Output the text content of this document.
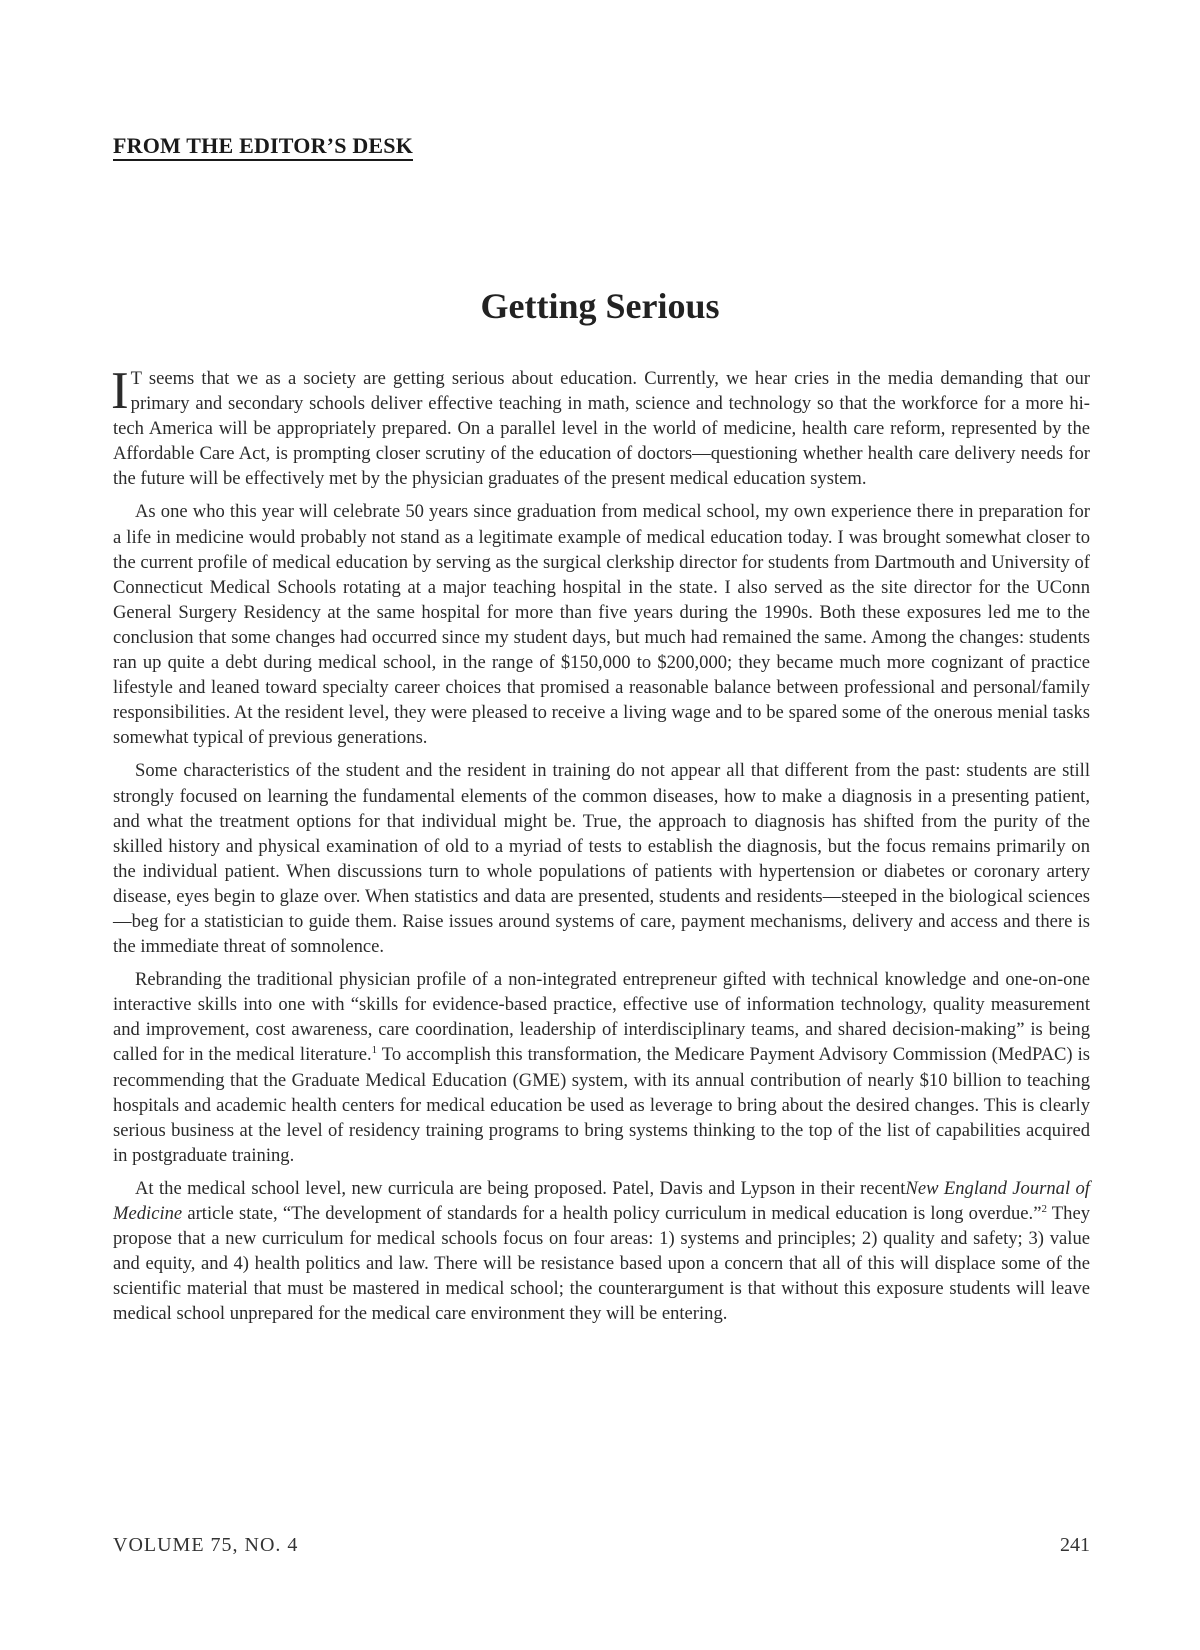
FROM THE EDITOR’S DESK
Getting Serious

I T seems that we as a society are getting serious about education. Currently, we hear cries in the media demanding that our primary and secondary schools deliver effective teaching in math, science and technology so that the workforce for a more hi-tech America will be appropriately prepared. On a parallel level in the world of medicine, health care reform, represented by the Affordable Care Act, is prompting closer scrutiny of the education of doctors—questioning whether health care delivery needs for the future will be effectively met by the physician graduates of the present medical education system.

As one who this year will celebrate 50 years since graduation from medical school, my own experience there in preparation for a life in medicine would probably not stand as a legitimate example of medical education today. I was brought somewhat closer to the current profile of medical education by serving as the surgical clerkship director for students from Dartmouth and University of Connecticut Medical Schools rotating at a major teaching hospital in the state. I also served as the site director for the UConn General Surgery Residency at the same hospital for more than five years during the 1990s. Both these exposures led me to the conclusion that some changes had occurred since my student days, but much had remained the same. Among the changes: students ran up quite a debt during medical school, in the range of $150,000 to $200,000; they became much more cognizant of practice lifestyle and leaned toward specialty career choices that promised a reasonable balance between professional and personal/family responsibilities. At the resident level, they were pleased to receive a living wage and to be spared some of the onerous menial tasks somewhat typical of previous generations.

Some characteristics of the student and the resident in training do not appear all that different from the past: students are still strongly focused on learning the fundamental elements of the common diseases, how to make a diagnosis in a presenting patient, and what the treatment options for that individual might be. True, the approach to diagnosis has shifted from the purity of the skilled history and physical examination of old to a myriad of tests to establish the diagnosis, but the focus remains primarily on the individual patient. When discussions turn to whole populations of patients with hypertension or diabetes or coronary artery disease, eyes begin to glaze over. When statistics and data are presented, students and residents—steeped in the biological sciences—beg for a statistician to guide them. Raise issues around systems of care, payment mechanisms, delivery and access and there is the immediate threat of somnolence.

Rebranding the traditional physician profile of a non-integrated entrepreneur gifted with technical knowledge and one-on-one interactive skills into one with “skills for evidence-based practice, effective use of information technology, quality measurement and improvement, cost awareness, care coordination, leadership of interdisciplinary teams, and shared decision-making” is being called for in the medical literature.$^1$ To accomplish this transformation, the Medicare Payment Advisory Commission (MedPAC) is recommending that the Graduate Medical Education (GME) system, with its annual contribution of nearly $10 billion to teaching hospitals and academic health centers for medical education be used as leverage to bring about the desired changes. This is clearly serious business at the level of residency training programs to bring systems thinking to the top of the list of capabilities acquired in postgraduate training.

At the medical school level, new curricula are being proposed. Patel, Davis and Lypson in their recentNew England Journal of Medicine article state, “The development of standards for a health policy curriculum in medical education is long overdue.”$^2$ They propose that a new curriculum for medical schools focus on four areas: 1) systems and principles; 2) quality and safety; 3) value and equity, and 4) health politics and law. There will be resistance based upon a concern that all of this will displace some of the scientific material that must be mastered in medical school; the counterargument is that without this exposure students will leave medical school unprepared for the medical care environment they will be entering.

VOLUME 75, NO. 4	241
